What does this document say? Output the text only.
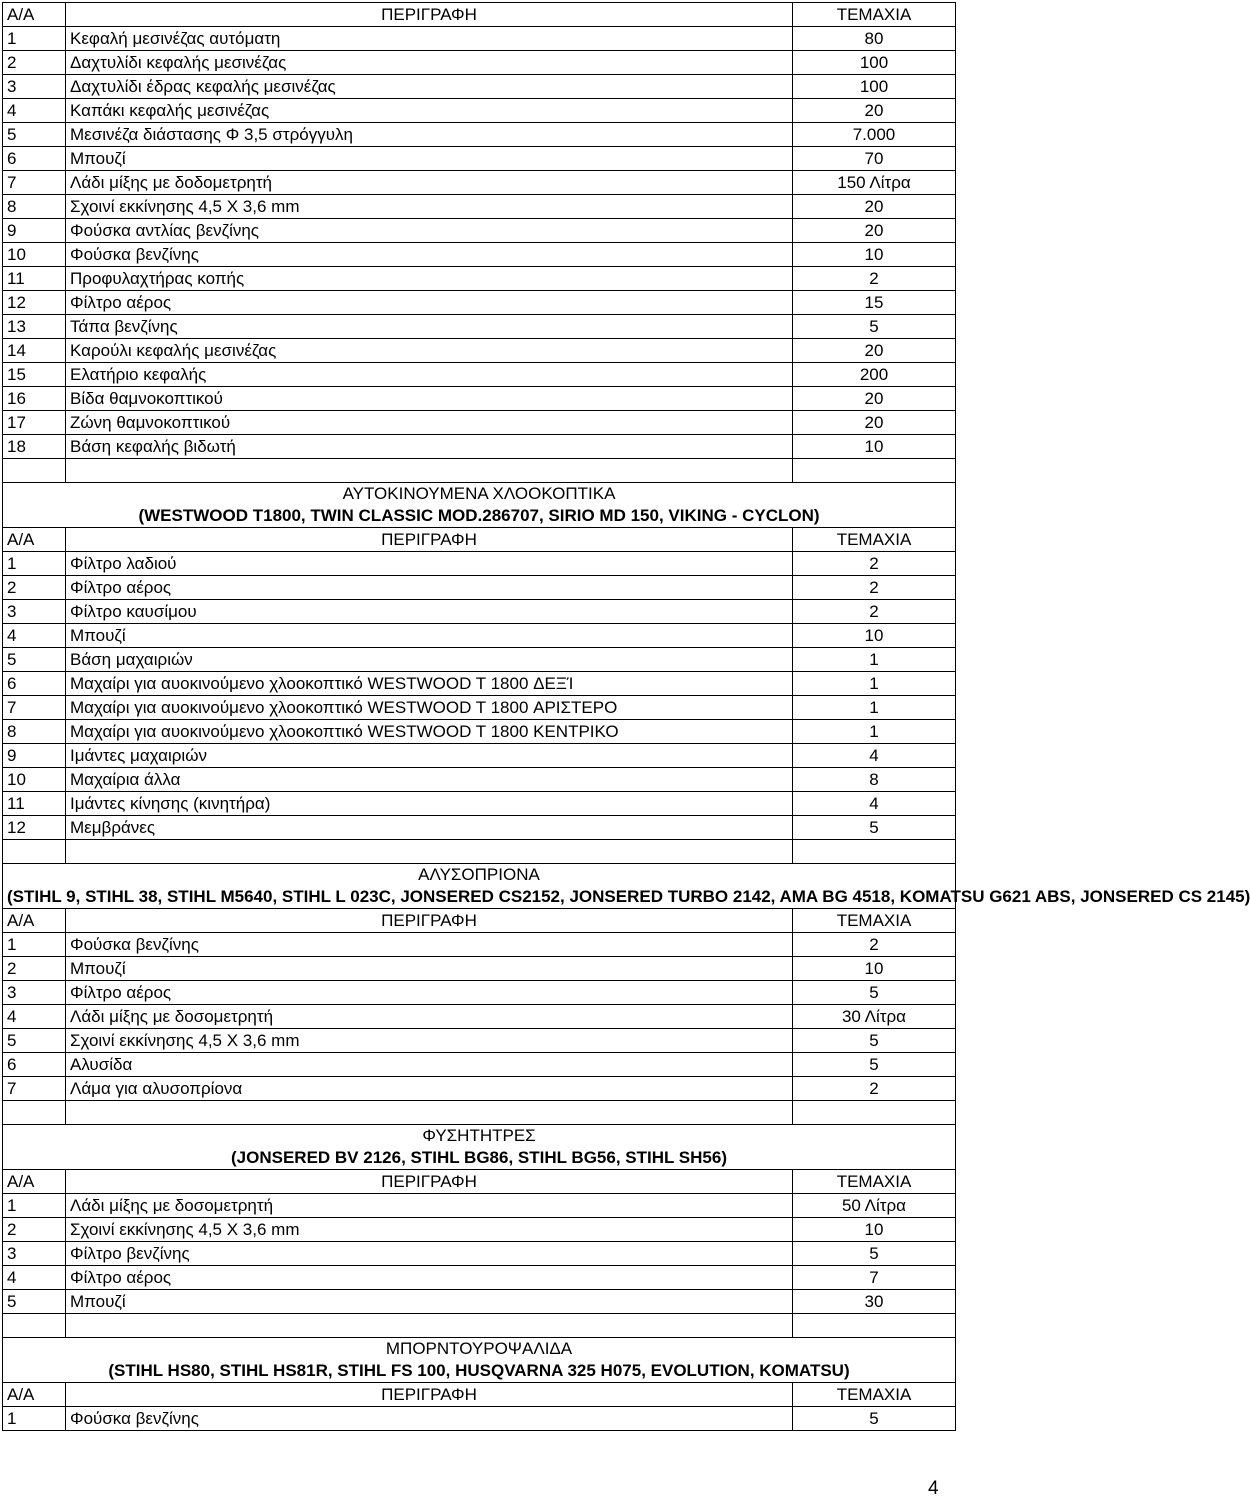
Α/Α	ΠΕΡΙΓΡΑΦΗ	ΤΕΜΑΧΙΑ
1	Κεφαλή μεσινέζας αυτόματη	80
2	Δαχτυλίδι κεφαλής μεσινέζας	100
3	Δαχτυλίδι έδρας κεφαλής μεσινέζας	100
4	Καπάκι κεφαλής μεσινέζας	20
5	Μεσινέζα διάστασης Φ 3,5 στρόγγυλη	7.000
6	Μπουζί	70
7	Λάδι μίξης με δοδομετρητή	150 Λίτρα
8	Σχοινί εκκίνησης 4,5 Χ 3,6 mm	20
9	Φούσκα αντλίας βενζίνης	20
10	Φούσκα βενζίνης	10
11	Προφυλαχτήρας κοπής	2
12	Φίλτρο αέρος	15
13	Τάπα βενζίνης	5
14	Καρούλι κεφαλής μεσινέζας	20
15	Ελατήριο κεφαλής	200
16	Βίδα θαμνοκοπτικού	20
17	Ζώνη θαμνοκοπτικού	20
18	Βάση κεφαλής βιδωτή	10

ΑΥΤΟΚΙΝΟΥΜΕΝΑ ΧΛΟΟΚΟΠΤΙΚΑ
(WESTWOOD T1800, TWIN CLASSIC MOD.286707, SIRIO MD 150, VIKING - CYCLON)		

Α/Α	ΠΕΡΙΓΡΑΦΗ	ΤΕΜΑΧΙΑ
1	Φίλτρο λαδιού	2
2	Φίλτρο αέρος	2
3	Φίλτρο καυσίμου	2
4	Μπουζί	10
5	Βάση μαχαιριών	1
6	Μαχαίρι για αυοκινούμενο χλοοκοπτικό WESTWOOD T 1800 ΔΕΞΊ	1
7	Μαχαίρι για αυοκινούμενο χλοοκοπτικό WESTWOOD T 1800 ΑΡΙΣΤΕΡΟ	1
8	Μαχαίρι για αυοκινούμενο χλοοκοπτικό WESTWOOD T 1800 ΚΕΝΤΡΙΚΟ	1
9	Ιμάντες μαχαιριών	4
10	Μαχαίρια άλλα	8
11	Ιμάντες κίνησης (κινητήρα)	4
12	Μεμβράνες	5

ΑΛΥΣΟΠΡΙΟΝΑ
(STIHL 9, STIHL 38, STIHL M5640, STIHL L 023C, JONSERED CS2152, JONSERED TURBO 2142, AMA BG 4518, KOMATSU G621 ABS, JONSERED CS 2145)		

Α/Α	ΠΕΡΙΓΡΑΦΗ	ΤΕΜΑΧΙΑ
1	Φούσκα βενζίνης	2
2	Μπουζί	10
3	Φίλτρο αέρος	5
4	Λάδι μίξης με δοσομετρητή	30 Λίτρα
5	Σχοινί εκκίνησης 4,5 Χ 3,6 mm	5
6	Αλυσίδα	5
7	Λάμα για αλυσοπρίονα	2

ΦΥΣΗΤΗΤΡΕΣ
(JONSERED BV 2126, STIHL BG86, STIHL BG56, STIHL SH56)		

Α/Α	ΠΕΡΙΓΡΑΦΗ	ΤΕΜΑΧΙΑ
1	Λάδι μίξης με δοσομετρητή	50 Λίτρα
2	Σχοινί εκκίνησης 4,5 Χ 3,6 mm	10
3	Φίλτρο βενζίνης	5
4	Φίλτρο αέρος	7
5	Μπουζί	30

ΜΠΟΡΝΤΟΥΡΟΨΑΛΙΔΑ
(STIHL HS80, STIHL HS81R, STIHL FS 100, HUSQVARNA 325 H075, EVOLUTION, KOMATSU)		

Α/Α	ΠΕΡΙΓΡΑΦΗ	ΤΕΜΑΧΙΑ
1	Φούσκα βενζίνης	5
4
